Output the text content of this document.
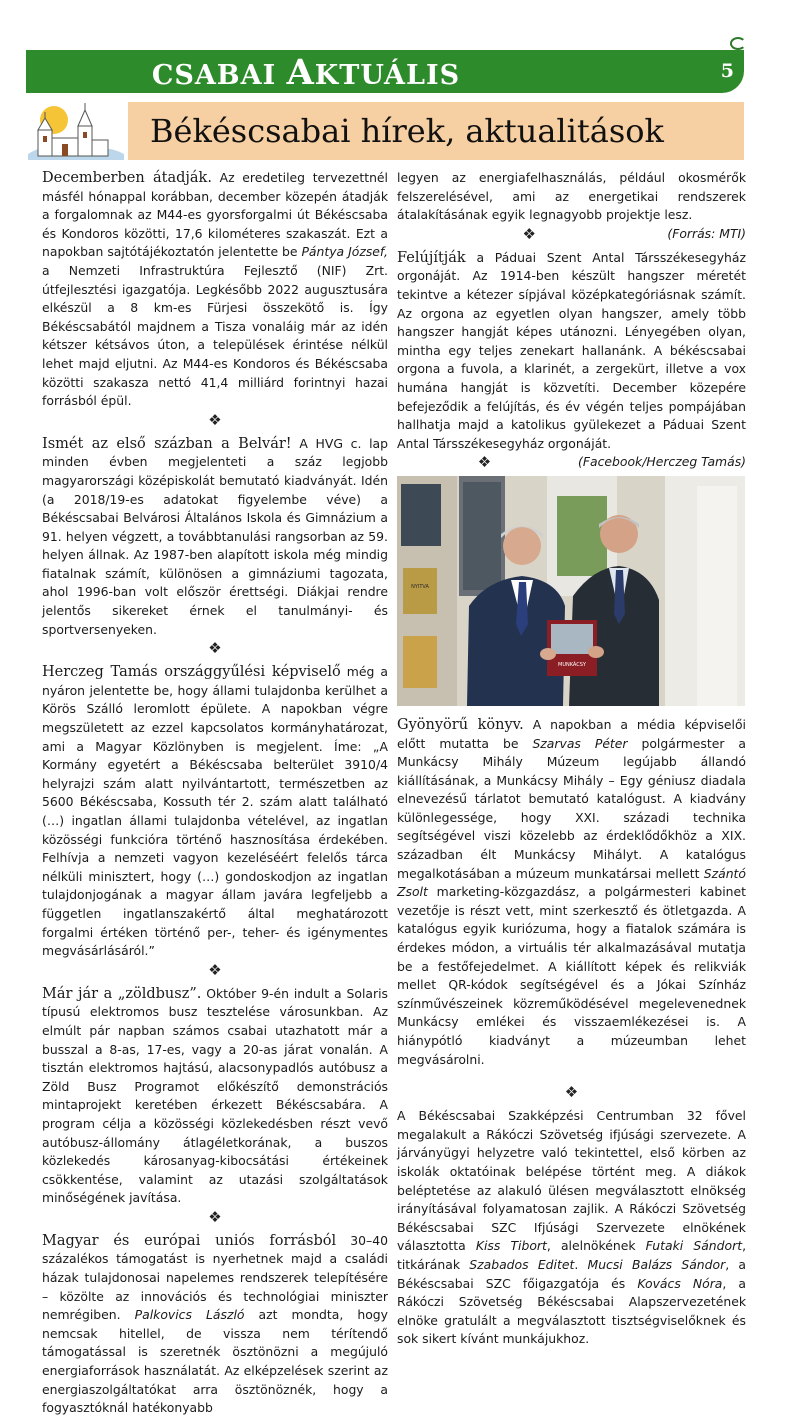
CSABAI AKTUÁLIS	5
Békéscsabai hírek, aktualitások

Decemberben átadják. Az eredetileg tervezettnél másfél hónappal korábban, december közepén átadják a forgalomnak az M44-es gyorsforgalmi út Békéscsaba és Kondoros közötti, 17,6 kilométeres szakaszát. Ezt a napokban sajtótájékoztatón jelentette be Pántya József, a Nemzeti Infrastruktúra Fejlesztő (NIF) Zrt. útfejlesztési igazgatója. Legkésőbb 2022 augusztusára elkészül a 8 km-es Fürjesi összekötő is. Így Békéscsabától majdnem a Tisza vonaláig már az idén kétszer kétsávos úton, a települések érintése nélkül lehet majd eljutni. Az M44-es Kondoros és Békéscsaba közötti szakasza nettó 41,4 milliárd forintnyi hazai forrásból épül.

❖

Ismét az első százban a Belvár! A HVG c. lap minden évben megjelenteti a száz legjobb magyarországi középiskolát bemutató kiadványát. Idén (a 2018/19-es adatokat figyelembe véve) a Békéscsabai Belvárosi Általános Iskola és Gimnázium a 91. helyen végzett, a továbbtanulási rangsorban az 59. helyen állnak. Az 1987-ben alapított iskola még mindig fiatalnak számít, különösen a gimnáziumi tagozata, ahol 1996-ban volt először érettségi. Diákjai rendre jelentős sikereket érnek el tanulmányi- és sportversenyeken.

❖

Herczeg Tamás országgyűlési képviselő még a nyáron jelentette be, hogy állami tulajdonba kerülhet a Körös Szálló leromlott épülete. A napokban végre megszületett az ezzel kapcsolatos kormányhatározat, ami a Magyar Közlönyben is megjelent. Íme: „A Kormány egyetért a Békéscsaba belterület 3910/4 helyrajzi szám alatt nyilvántartott, természetben az 5600 Békéscsaba, Kossuth tér 2. szám alatt található (…) ingatlan állami tulajdonba vételével, az ingatlan közösségi funkcióra történő hasznosítása érdekében. Felhívja a nemzeti vagyon kezeléséért felelős tárca nélküli minisztert, hogy (…) gondoskodjon az ingatlan tulajdonjogának a magyar állam javára legfeljebb a független ingatlanszakértő által meghatározott forgalmi értéken történő per-, teher- és igénymentes megvásárlásáról.”

❖

Már jár a „zöldbusz”. Október 9-én indult a Solaris típusú elektromos busz tesztelése városunkban. Az elmúlt pár napban számos csabai utazhatott már a busszal a 8-as, 17-es, vagy a 20-as járat vonalán. A tisztán elektromos hajtású, alacsonypadlós autóbusz a Zöld Busz Programot előkészítő demonstrációs mintaprojekt keretében érkezett Békéscsabára. A program célja a közösségi közlekedésben részt vevő autóbusz-állomány átlagéletkorának, a buszos közlekedés károsanyag-kibocsátási értékeinek csökkentése, valamint az utazási szolgáltatások minőségének javítása.

❖

Magyar és európai uniós forrásból 30–40 százalékos támogatást is nyerhetnek majd a családi házak tulajdonosai napelemes rendszerek telepítésére – közölte az innovációs és technológiai miniszter nemrégiben. Palkovics László azt mondta, hogy nemcsak hitellel, de vissza nem térítendő támogatással is szeretnék ösztönözni a megújuló energiaforrások használatát. Az elképzelések szerint az energiaszolgáltatókat arra ösztönöznék, hogy a fogyasztóknál hatékonyabb

legyen az energiafelhasználás, például okosmérők felszerelésével, ami az energetikai rendszerek átalakításának egyik legnagyobb projektje lesz.
(Forrás: MTI)

❖

Felújítják a Páduai Szent Antal Társszékesegyház orgonáját. Az 1914-ben készült hangszer méretét tekintve a kétezer sípjával középkategóriásnak számít. Az orgona az egyetlen olyan hangszer, amely több hangszer hangját képes utánozni. Lényegében olyan, mintha egy teljes zenekart hallanánk. A békéscsabai orgona a fuvola, a klarinét, a zergekürt, illetve a vox humána hangját is közvetíti. December közepére befejeződik a felújítás, és év végén teljes pompájában hallhatja majd a katolikus gyülekezet a Páduai Szent Antal Társszékesegyház orgonáját.
(Facebook/Herczeg Tamás)

❖

NYITVA
MUNKÁCSY

Gyönyörű könyv. A napokban a média képviselői előtt mutatta be Szarvas Péter polgármester a Munkácsy Mihály Múzeum legújabb állandó kiállításának, a Munkácsy Mihály – Egy géniusz diadala elnevezésű tárlatot bemutató katalógust. A kiadvány különlegessége, hogy XXI. századi technika segítségével viszi közelebb az érdeklődőkhöz a XIX. században élt Munkácsy Mihályt. A katalógus megalkotásában a múzeum munkatársai mellett Szántó Zsolt marketing-közgazdász, a polgármesteri kabinet vezetője is részt vett, mint szerkesztő és ötletgazda. A katalógus egyik kuriózuma, hogy a fiatalok számára is érdekes módon, a virtuális tér alkalmazásával mutatja be a festőfejedelmet. A kiállított képek és relikviák mellet QR-kódok segítségével és a Jókai Színház színművészeinek közreműködésével megelevenednek Munkácsy emlékei és visszaemlékezései is. A hiánypótló kiadványt a múzeumban lehet megvásárolni.

❖

A Békéscsabai Szakképzési Centrumban 32 fővel megalakult a Rákóczi Szövetség ifjúsági szervezete. A járványügyi helyzetre való tekintettel, első körben az iskolák oktatóinak belépése történt meg. A diákok beléptetése az alakuló ülésen megválasztott elnökség irányításával folyamatosan zajlik. A Rákóczi Szövetség Békéscsabai SZC Ifjúsági Szervezete elnökének választotta Kiss Tibort, alelnökének Futaki Sándort, titkárának Szabados Editet. Mucsi Balázs Sándor, a Békéscsabai SZC főigazgatója és Kovács Nóra, a Rákóczi Szövetség Békéscsabai Alapszervezetének elnöke gratulált a megválasztott tisztségviselőknek és sok sikert kívánt munkájukhoz.
